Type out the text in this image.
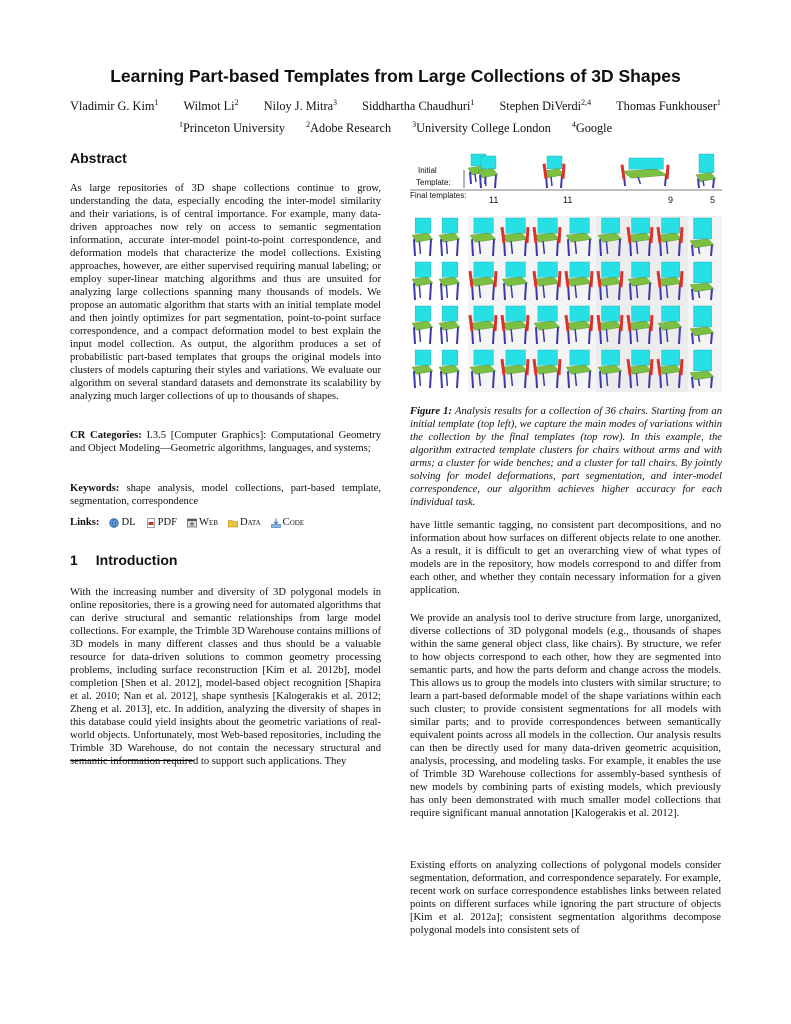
Learning Part-based Templates from Large Collections of 3D Shapes
Vladimir G. Kim$^1$ Wilmot Li$^2$ Niloy J. Mitra$^3$ Siddhartha Chaudhuri$^1$ Stephen DiVerdi$^{2,4}$ Thomas Funkhouser$^1$
$^1$Princeton University	$^2$Adobe Research	$^3$University College London	$^4$Google
Abstract

As large repositories of 3D shape collections continue to grow, understanding the data, especially encoding the inter-model similarity and their variations, is of central importance. For example, many data-driven approaches now rely on access to semantic segmentation information, accurate inter-model point-to-point correspondence, and deformation models that characterize the model collections. Existing approaches, however, are either supervised requiring manual labeling; or employ super-linear matching algorithms and thus are unsuited for analyzing large collections spanning many thousands of models. We propose an automatic algorithm that starts with an initial template model and then jointly optimizes for part segmentation, point-to-point surface correspondence, and a compact deformation model to best explain the input model collection. As output, the algorithm produces a set of probabilistic part-based templates that groups the original models into clusters of models capturing their styles and variations. We evaluate our algorithm on several standard datasets and demonstrate its scalability by analyzing much larger collections of up to thousands of shapes.

CR Categories: I.3.5 [Computer Graphics]: Computational Geometry and Object Modeling—Geometric algorithms, languages, and systems;

Keywords: shape analysis, model collections, part-based template, segmentation, correspondence

Links: DL PDF Web Data Code
1 Introduction

With the increasing number and diversity of 3D polygonal models in online repositories, there is a growing need for automated algorithms that can derive structural and semantic relationships from large model collections. For example, the Trimble 3D Warehouse contains millions of 3D models in many different classes and thus should be a valuable resource for data-driven solutions to common geometry processing problems, including surface reconstruction [Kim et al. 2012b], model completion [Shen et al. 2012], model-based object recognition [Shapira et al. 2010; Nan et al. 2012], shape synthesis [Kalogerakis et al. 2012; Zheng et al. 2013], etc. In addition, analyzing the diversity of shapes in this database could yield insights about the geometric variations of real-world objects. Unfortunately, most Web-based repositories, including the Trimble 3D Warehouse, do not contain the necessary structural and semantic information required to support such applications. They

Initial
Template:
Final templates:	11	11	9	5

Figure 1: Analysis results for a collection of 36 chairs. Starting from an initial template (top left), we capture the main modes of variations within the collection by the final templates (top row). In this example, the algorithm extracted template clusters for chairs without arms and with arms; a cluster for wide benches; and a cluster for tall chairs. By jointly solving for model deformations, part segmentation, and inter-model correspondence, our algorithm achieves higher accuracy for each individual task.

have little semantic tagging, no consistent part decompositions, and no information about how surfaces on different objects relate to one another. As a result, it is difficult to get an overarching view of what types of models are in the repository, how models correspond to and differ from each other, and whether they contain necessary information for a given application.

We provide an analysis tool to derive structure from large, unorganized, diverse collections of 3D polygonal models (e.g., thousands of shapes within the same general object class, like chairs). By structure, we refer to how objects correspond to each other, how they are segmented into semantic parts, and how the parts deform and change across the models. This allows us to group the models into clusters with similar structure; to learn a part-based deformable model of the shape variations within each such cluster; to provide consistent segmentations for all models with similar parts; and to provide correspondences between semantically equivalent points across all models in the collection. Our analysis results can then be directly used for many data-driven geometric acquisition, analysis, processing, and modeling tasks. For example, it enables the use of Trimble 3D Warehouse collections for assembly-based synthesis of new models by combining parts of existing models, which previously has only been demonstrated with much smaller model collections that require significant manual annotation [Kalogerakis et al. 2012].

Existing efforts on analyzing collections of polygonal models consider segmentation, deformation, and correspondence separately. For example, recent work on surface correspondence establishes links between related points on different surfaces while ignoring the part structure of objects [Kim et al. 2012a]; consistent segmentation algorithms decompose polygonal models into consistent sets of
